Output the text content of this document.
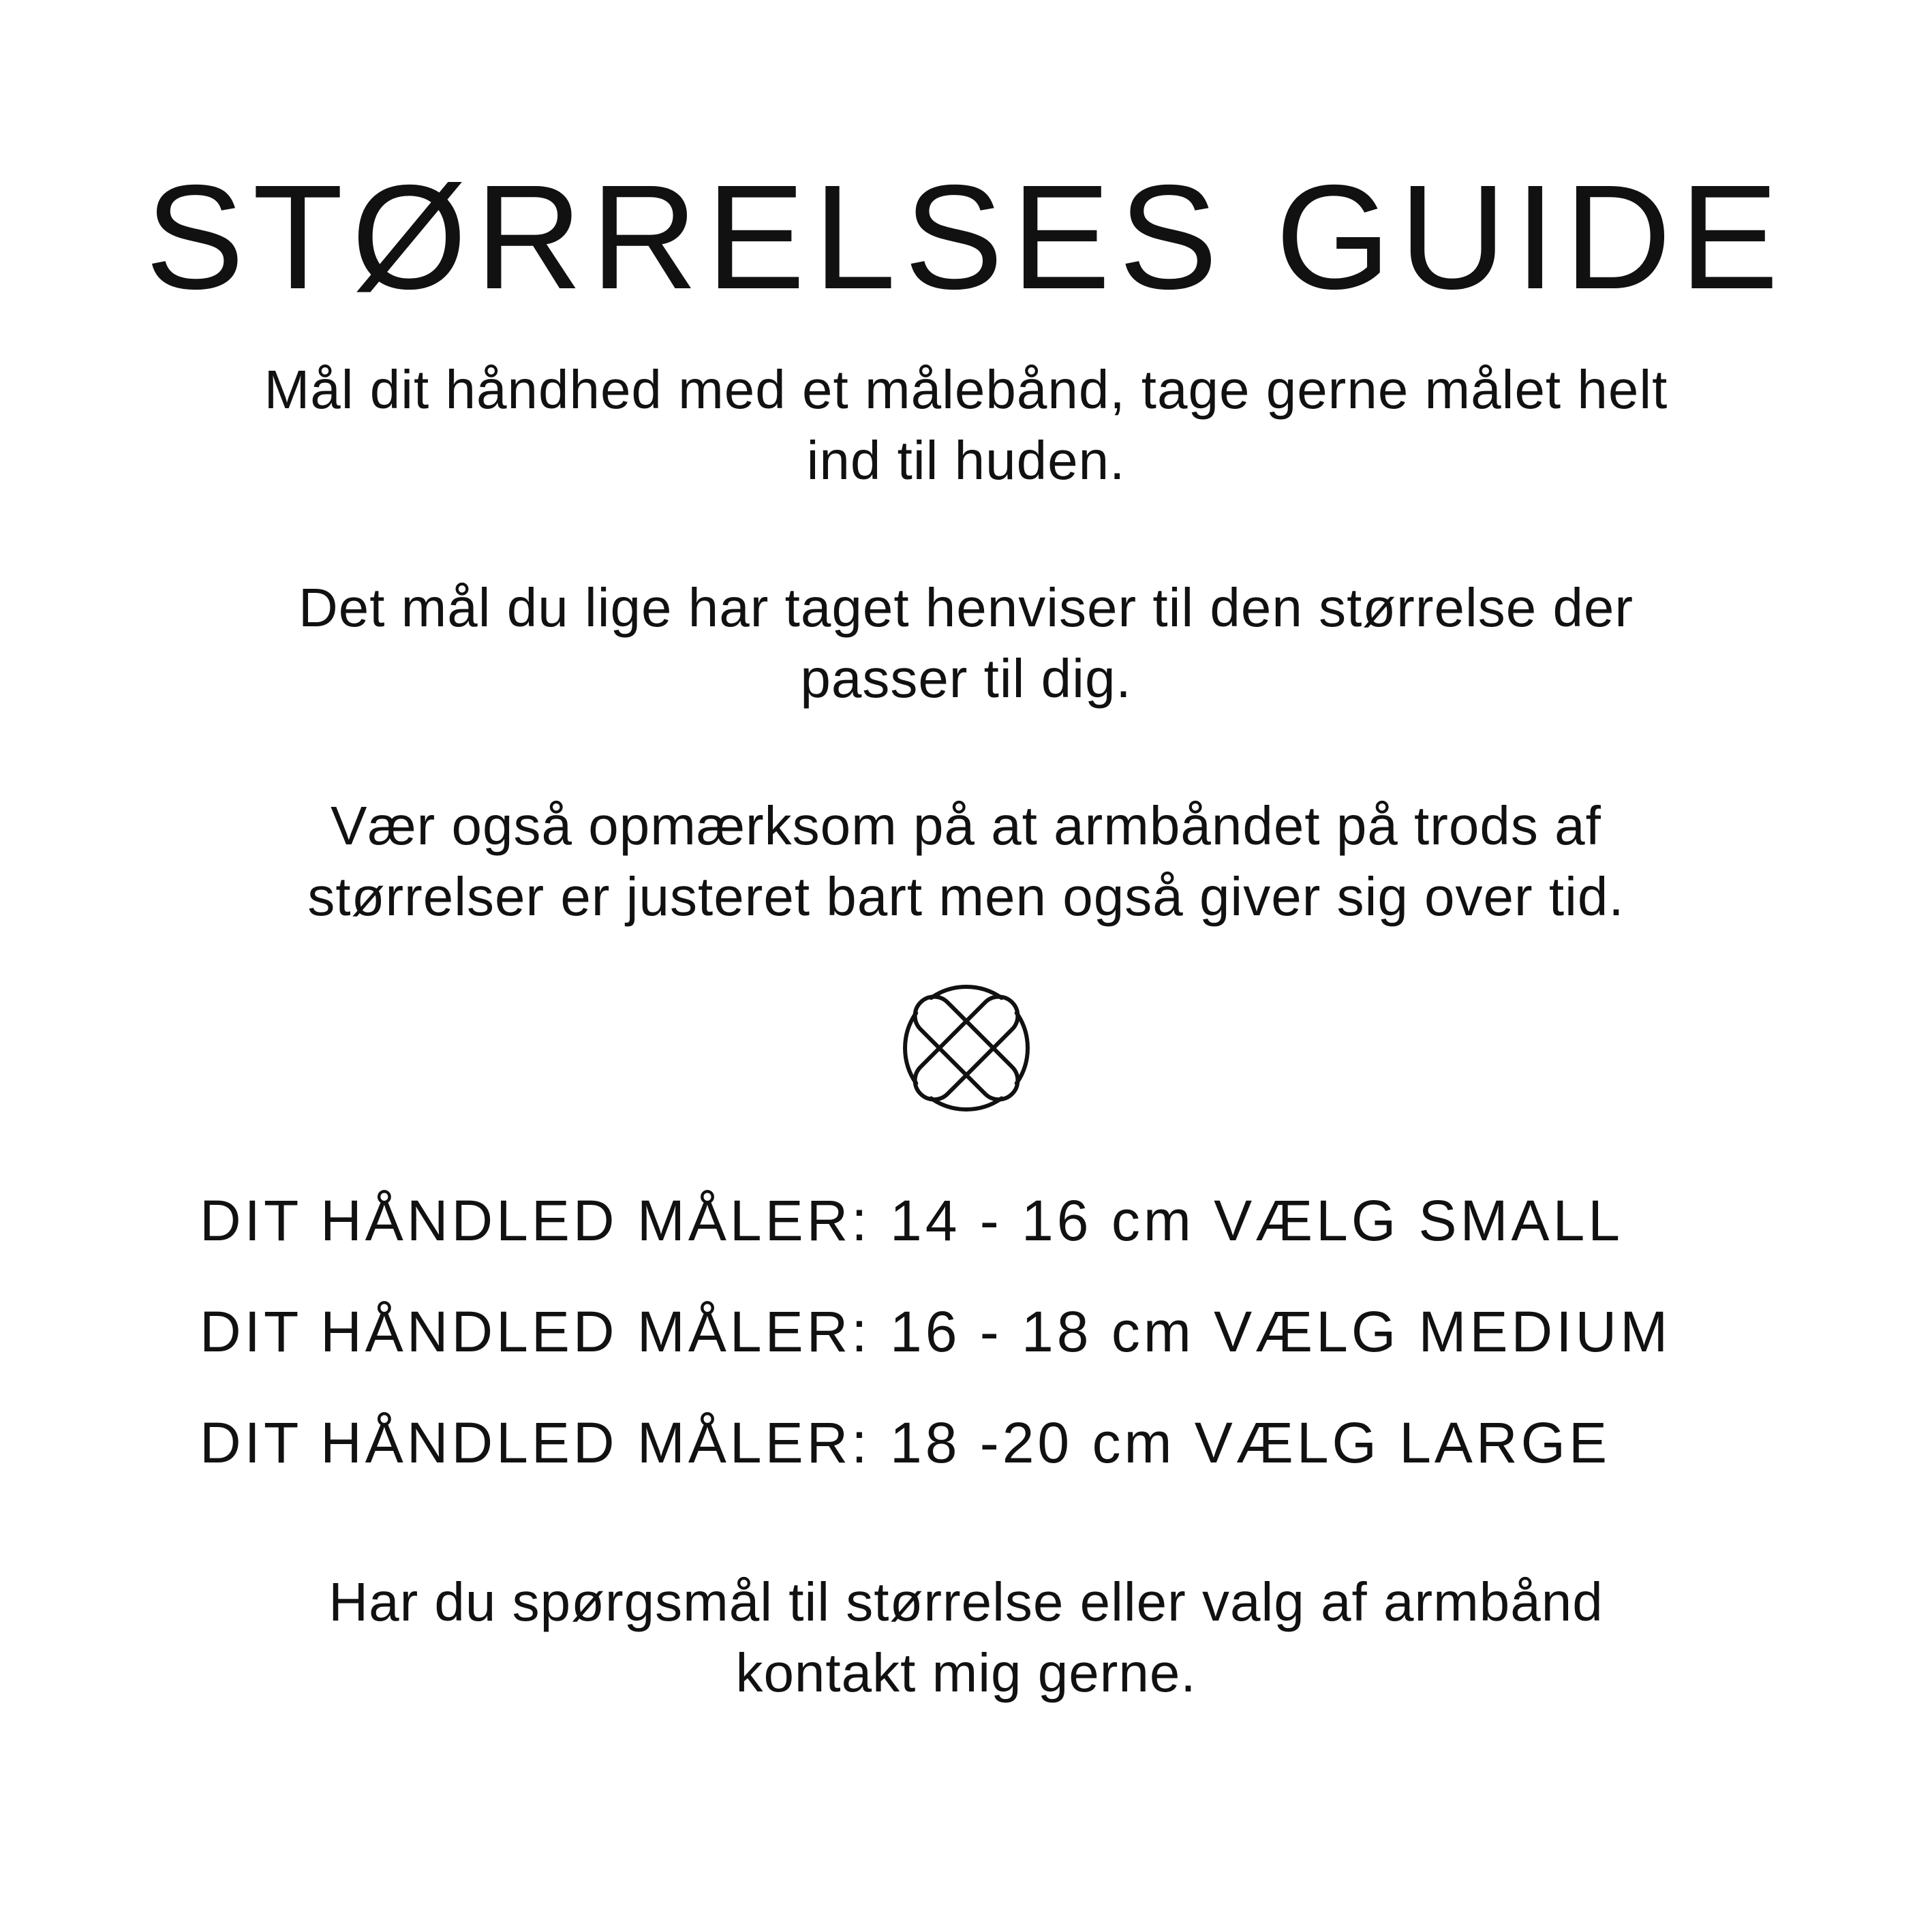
STØRRELSES GUIDE

Mål dit håndhed med et målebånd, tage gerne målet helt
ind til huden.

Det mål du lige har taget henviser til den størrelse der
passer til dig.

Vær også opmærksom på at armbåndet på trods af
størrelser er justeret bart men også giver sig over tid.

DIT HÅNDLED MÅLER: 14 - 16 cm VÆLG SMALL
DIT HÅNDLED MÅLER: 16 - 18 cm VÆLG MEDIUM
DIT HÅNDLED MÅLER: 18 -20 cm VÆLG LARGE

Har du spørgsmål til størrelse eller valg af armbånd
kontakt mig gerne.
